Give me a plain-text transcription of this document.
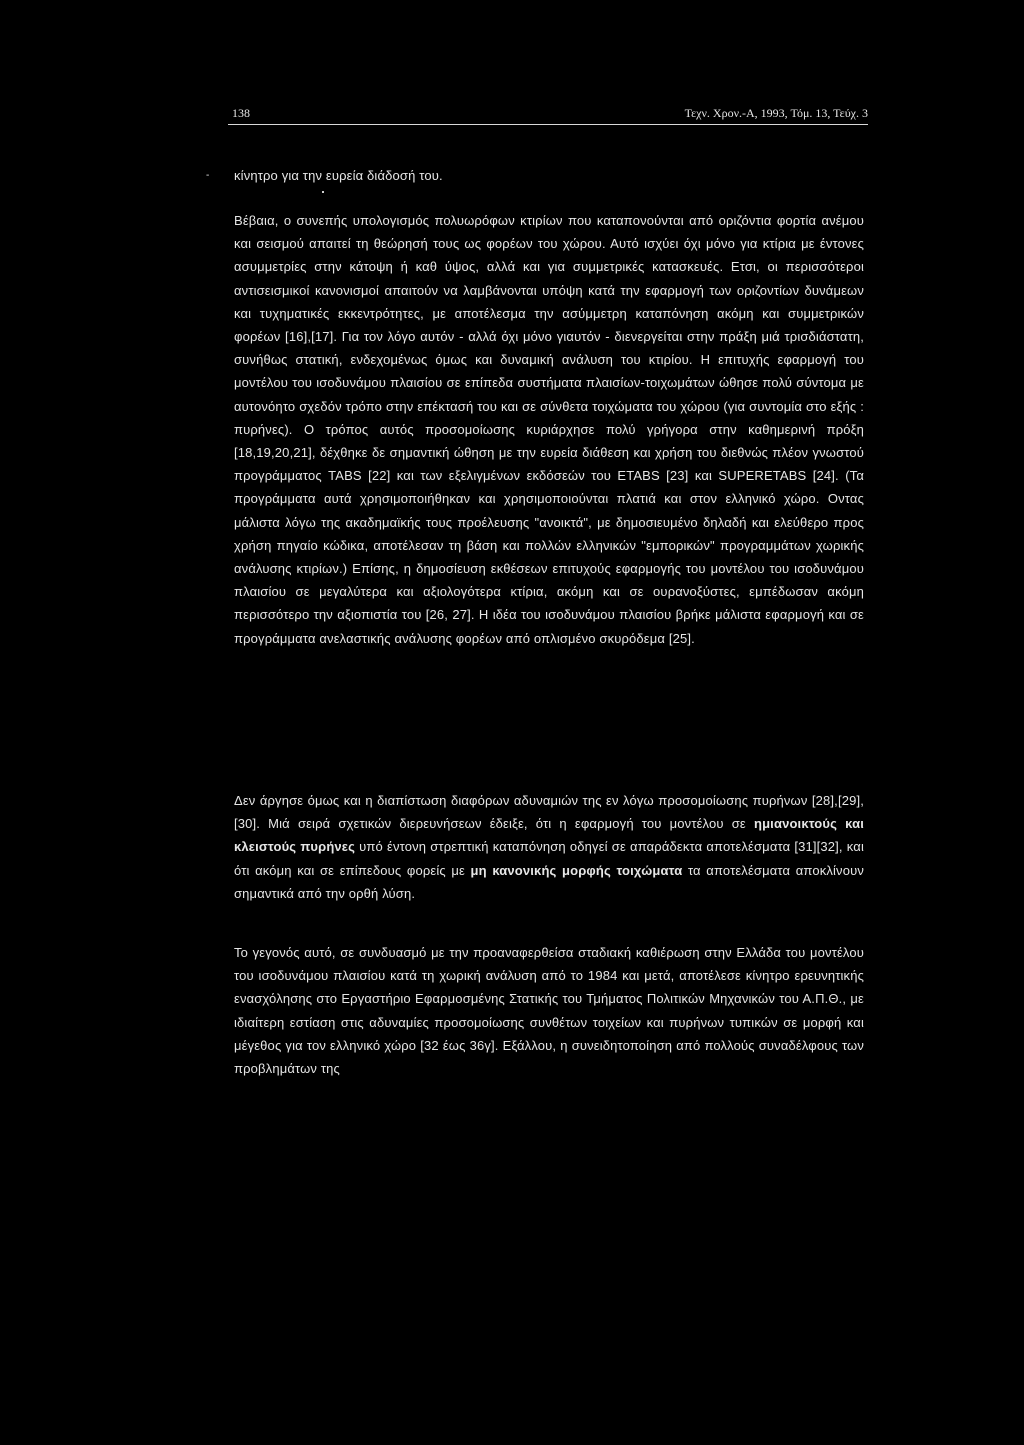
138	Τεχν. Χρον.-Α, 1993, Τόμ. 13, Τεύχ. 3
- κίνητρο για την ευρεία διάδοσή του.

Βέβαια, ο συνεπής υπολογισμός πολυωρόφων κτιρίων που καταπονούνται από οριζόντια φορτία ανέμου και σεισμού απαιτεί τη θεώρησή τους ως φορέων του χώρου. Αυτό ισχύει όχι μόνο για κτίρια με έντονες ασυμμετρίες στην κάτοψη ή καθ ύψος, αλλά και για συμμετρικές κατασκευές. Ετσι, οι περισσότεροι αντισεισμικοί κανονισμοί απαιτούν να λαμβάνονται υπόψη κατά την εφαρμογή των οριζοντίων δυνάμεων και τυχηματικές εκκεντρότητες, με αποτέλεσμα την ασύμμετρη καταπόνηση ακόμη και συμμετρικών φορέων [16],[17]. Για τον λόγο αυτόν - αλλά όχι μόνο γιαυτόν - διενεργείται στην πράξη μιά τρισδιάστατη, συνήθως στατική, ενδεχομένως όμως και δυναμική ανάλυση του κτιρίου. Η επιτυχής εφαρμογή του μοντέλου του ισοδυνάμου πλαισίου σε επίπεδα συστήματα πλαισίων-τοιχωμάτων ώθησε πολύ σύντομα με αυτονόητο σχεδόν τρόπο στην επέκτασή του και σε σύνθετα τοιχώματα του χώρου (για συντομία στο εξής : πυρήνες). Ο τρόπος αυτός προσομοίωσης κυριάρχησε πολύ γρήγορα στην καθημερινή πρόξη [18,19,20,21], δέχθηκε δε σημαντική ώθηση με την ευρεία διάθεση και χρήση του διεθνώς πλέον γνωστού προγράμματος TABS [22] και των εξελιγμένων εκδόσεών του ETABS [23] και SUPERETABS [24]. (Τα προγράμματα αυτά χρησιμοποιήθηκαν και χρησιμοποιούνται πλατιά και στον ελληνικό χώρο. Οντας μάλιστα λόγω της ακαδημαϊκής τους προέλευσης "ανοικτά", με δημοσιευμένο δηλαδή και ελεύθερο προς χρήση πηγαίο κώδικα, αποτέλεσαν τη βάση και πολλών ελληνικών "εμπορικών" προγραμμάτων χωρικής ανάλυσης κτιρίων.) Επίσης, η δημοσίευση εκθέσεων επιτυχούς εφαρμογής του μοντέλου του ισοδυνάμου πλαισίου σε μεγαλύτερα και αξιολογότερα κτίρια, ακόμη και σε ουρανοξύστες, εμπέδωσαν ακόμη περισσότερο την αξιοπιστία του [26, 27]. Η ιδέα του ισοδυνάμου πλαισίου βρήκε μάλιστα εφαρμογή και σε προγράμματα ανελαστικής ανάλυσης φορέων από οπλισμένο σκυρόδεμα [25].

Δεν άργησε όμως και η διαπίστωση διαφόρων αδυναμιών της εν λόγω προσομοίωσης πυρήνων [28],[29],[30]. Μιά σειρά σχετικών διερευνήσεων έδειξε, ότι η εφαρμογή του μοντέλου σε ημιανοικτούς και κλειστούς πυρήνες υπό έντονη στρεπτική καταπόνηση οδηγεί σε απαράδεκτα αποτελέσματα [31][32], και ότι ακόμη και σε επίπεδους φορείς με μη κανονικής μορφής τοιχώματα τα αποτελέσματα αποκλίνουν σημαντικά από την ορθή λύση.

Το γεγονός αυτό, σε συνδυασμό με την προαναφερθείσα σταδιακή καθιέρωση στην Ελλάδα του μοντέλου του ισοδυνάμου πλαισίου κατά τη χωρική ανάλυση από το 1984 και μετά, αποτέλεσε κίνητρο ερευνητικής ενασχόλησης στο Εργαστήριο Εφαρμοσμένης Στατικής του Τμήματος Πολιτικών Μηχανικών του Α.Π.Θ., με ιδιαίτερη εστίαση στις αδυναμίες προσομοίωσης συνθέτων τοιχείων και πυρήνων τυπικών σε μορφή και μέγεθος για τον ελληνικό χώρο [32 έως 36γ]. Εξάλλου, η συνειδητοποίηση από πολλούς συναδέλφους των προβλημάτων της
